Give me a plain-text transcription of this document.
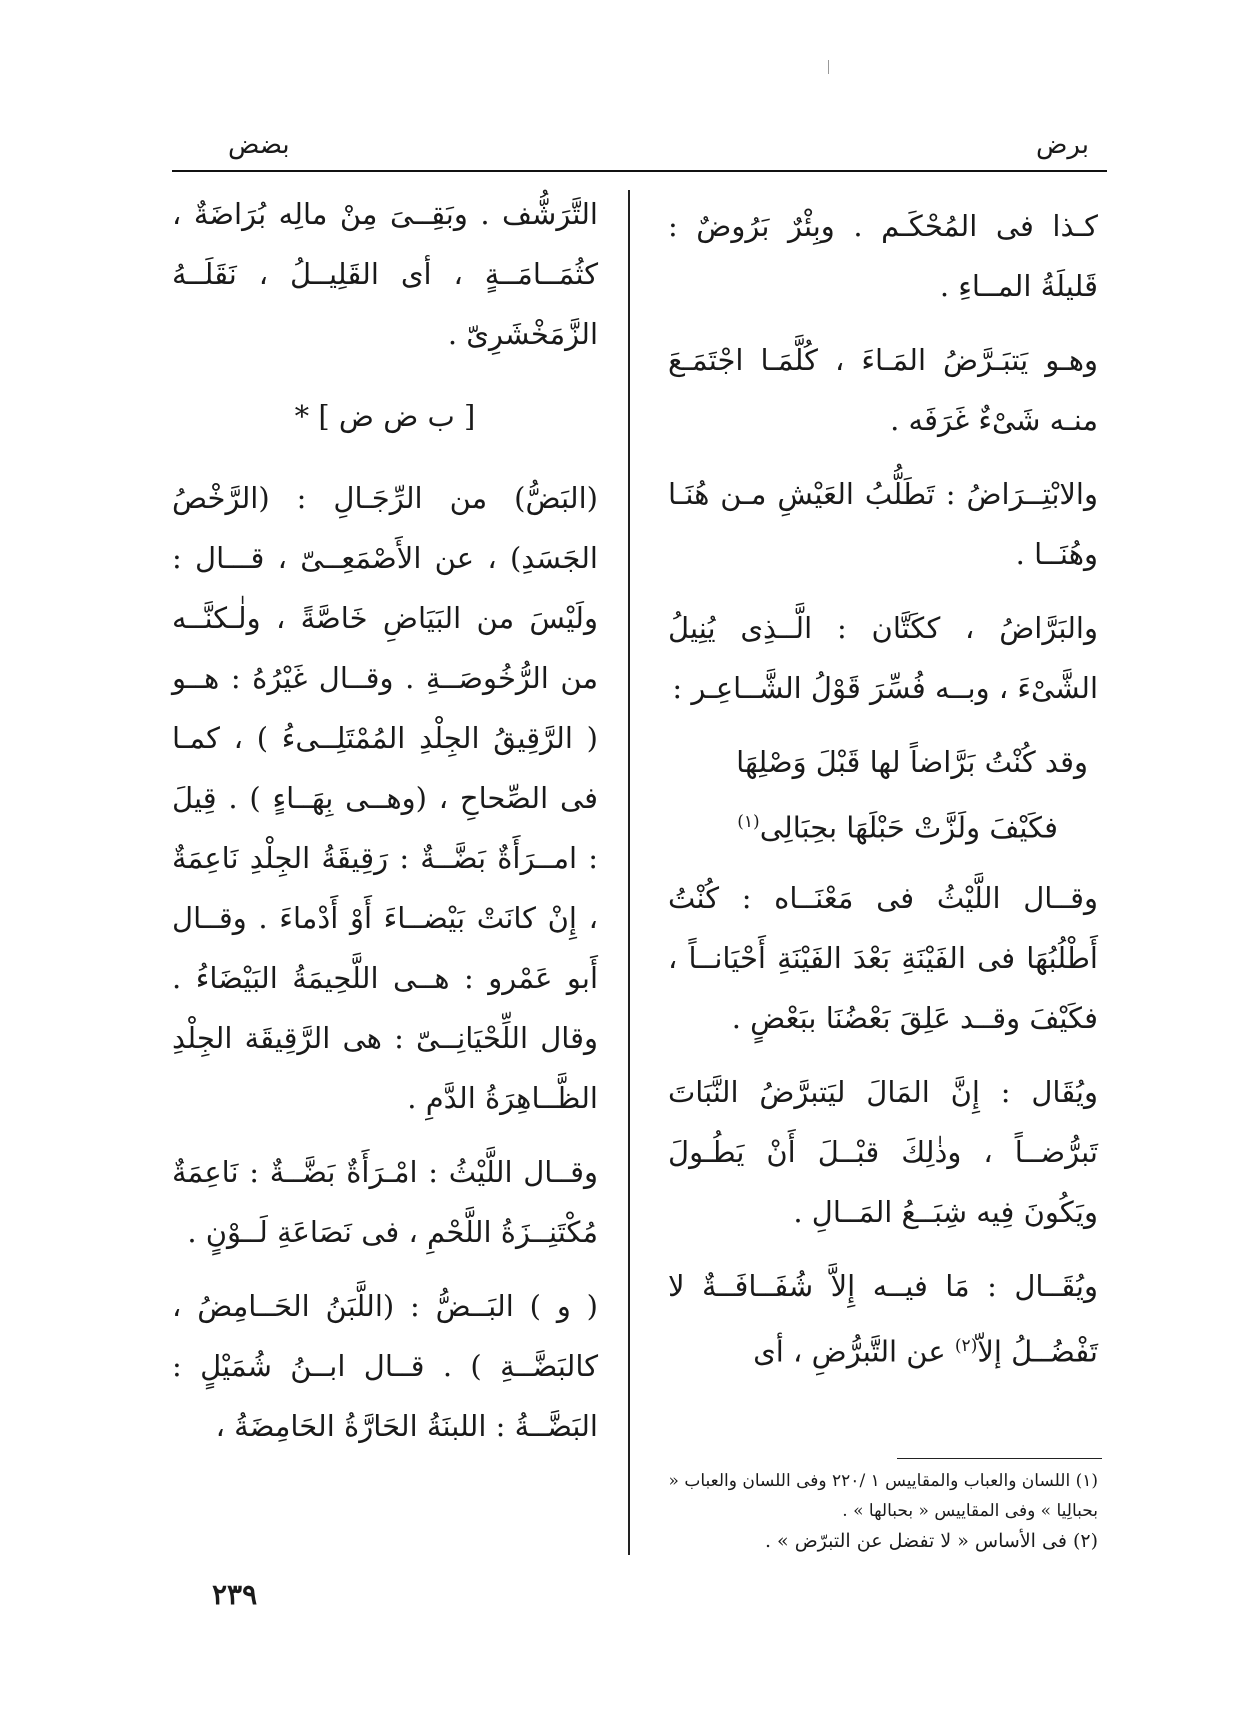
بضض	برض

كـذا فى المُحْكَـم . وبِئْرٌ بَرُوضٌ : قَليلَةُ المــاءِ .

وهـو يَتبَـرَّضُ المَـاءَ ، كُلَّمَـا اجْتَمَـعَ منـه شَىْءٌ غَرَفَه .

والابْتِــرَاضُ : تَطَلُّبُ العَيْشِ مـن هُنَـا وهُنَــا .

والبَرَّاضُ ، ككَتَّان : الَّــذِى يُنِيلُ الشَّىْءَ ، وبــه فُسِّرَ قَوْلُ الشَّــاعِـر :

وقد كُنْتُ بَرَّاضاً لها قَبْلَ وَصْلِهَا
فكَيْفَ ولَزَّتْ حَبْلَهَا بحِبَالِى$^{(١)}$

وقــال اللَّيْثُ فى مَعْنَــاه : كُنْتُ أَطْلُبُهَا فى الفَيْنَةِ بَعْدَ الفَيْنَةِ أَحْيَانــاً ، فكَيْفَ وقــد عَلِقَ بَعْضُنَا ببَعْضٍ .

ويُقَال : إِنَّ المَالَ ليَتبرَّضُ النَّبَاتَ تَبرُّضــاً ، وذٰلِكَ قبْــلَ أَنْ يَطُـولَ ويَكُونَ فِيه شِبَــعُ المَــالِ .

ويُقَــال : مَا فيــه إِلاَّ شُفَــافَــةٌ لا تَفْضُــلُ إلاّ$^{(٢)}$ عن التَّبرُّضِ ، أى

التَّرَشُّف . وبَقِــىَ مِنْ مالِه بُرَاضَةٌ ، كثُمَــامَــةٍ ، أى القَلِيــلُ ، نَقَلَــهُ الزَّمَخْشَرِىّ .

[ ب ض ض ] *

(البَضُّ) من الرِّجَـالِ : (الرَّخْصُ الجَسَدِ) ، عن الأَصْمَعِــىّ ، قـــال : ولَيْسَ من البَيَاضِ خَاصَّةً ، ولٰـكنَّــه من الرُّخُوصَــةِ . وقــال غَيْرُهُ : هــو ( الرَّقِيقُ الجِلْدِ المُمْتَلِــىءُ ) ، كمـا فى الصِّحاحِ ، (وهــى بِهَــاءٍ ) . قِيلَ : امــرَأَةٌ بَضَّــةٌ : رَقِيقَةُ الجِلْدِ نَاعِمَةٌ ، إِنْ كانَتْ بَيْضــاءَ أَوْ أَدْماءَ . وقــال أَبو عَمْرو : هــى اللَّحِيمَةُ البَيْضَاءُ . وقال اللِّحْيَانِــىّ : هى الرَّقِيقَة الجِلْدِ الظَّــاهِرَةُ الدَّمِ .

وقــال اللَّيْثُ : امْـرَأَةٌ بَضَّــةٌ : نَاعِمَةٌ مُكْتَنِــزَةُ اللَّحْمِ ، فى نَصَاعَةِ لَــوْنٍ .

( و ) البَــضُّ : (اللَّبَنُ الحَــامِضُ ، كالبَضَّــةِ ) . قــال ابــنُ شُمَيْلٍ : البَضَّــةُ : اللبنَةُ الحَارَّةُ الحَامِضَةُ ،

(١) اللسان والعباب والمقاييس ١ /٢٢٠ وفى اللسان والعباب « بحبالِيا » وفى المقاييس « بحبالها » .

(٢) فى الأساس « لا تفضل عن التبرّض » .

٢٣٩
